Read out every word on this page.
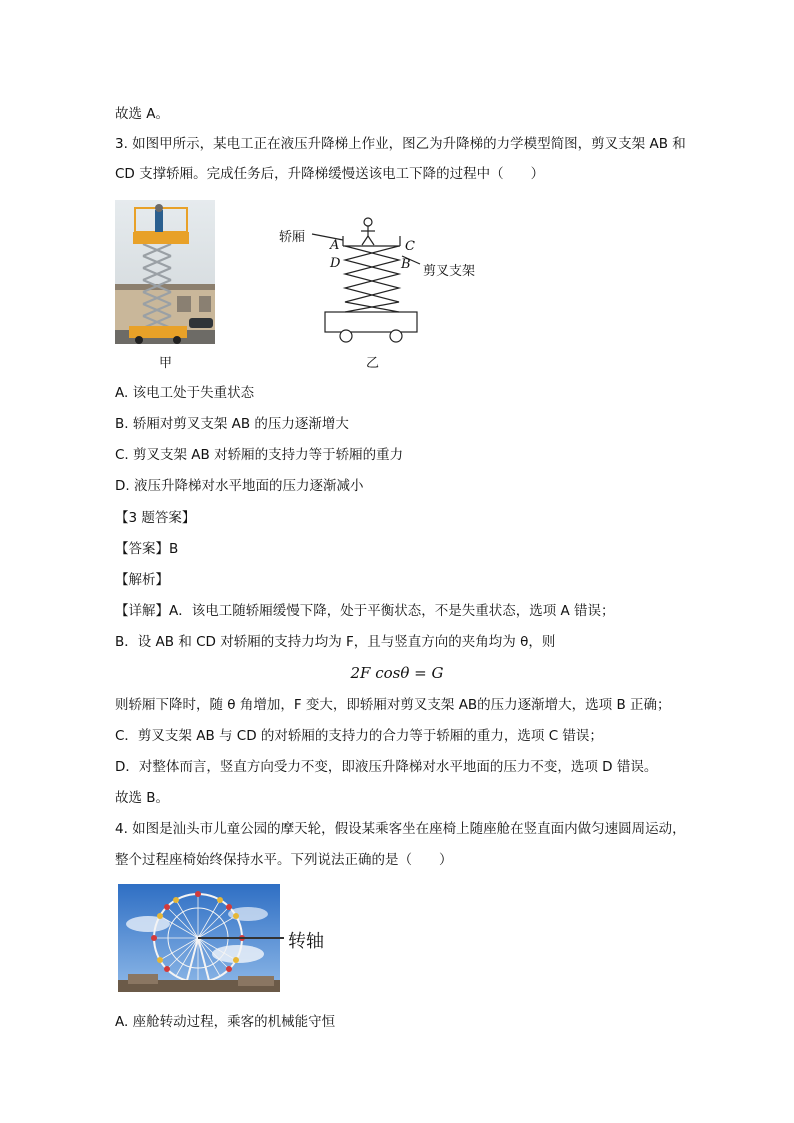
故选 A。
3. 如图甲所示，某电工正在液压升降梯上作业，图乙为升降梯的力学模型简图，剪叉支架 AB 和
CD 支撑轿厢。完成任务后，升降梯缓慢送该电工下降的过程中（　　）
甲
轿厢
A	C
D	B 剪叉支架
乙
A. 该电工处于失重状态
B. 轿厢对剪叉支架 AB 的压力逐渐增大
C. 剪叉支架 AB 对轿厢的支持力等于轿厢的重力
D. 液压升降梯对水平地面的压力逐渐减小
【3 题答案】
【答案】B
【解析】
【详解】A．该电工随轿厢缓慢下降，处于平衡状态，不是失重状态，选项 A 错误；
B．设 AB 和 CD 对轿厢的支持力均为 F，且与竖直方向的夹角均为 θ，则
2F cosθ = G
则轿厢下降时，随 θ 角增加，F 变大，即轿厢对剪叉支架 AB的压力逐渐增大，选项 B 正确；
C．剪叉支架 AB 与 CD 的对轿厢的支持力的合力等于轿厢的重力，选项 C 错误；
D．对整体而言，竖直方向受力不变，即液压升降梯对水平地面的压力不变，选项 D 错误。
故选 B。
4. 如图是汕头市儿童公园的摩天轮，假设某乘客坐在座椅上随座舱在竖直面内做匀速圆周运动，
整个过程座椅始终保持水平。下列说法正确的是（　　）
转轴
A. 座舱转动过程，乘客的机械能守恒
